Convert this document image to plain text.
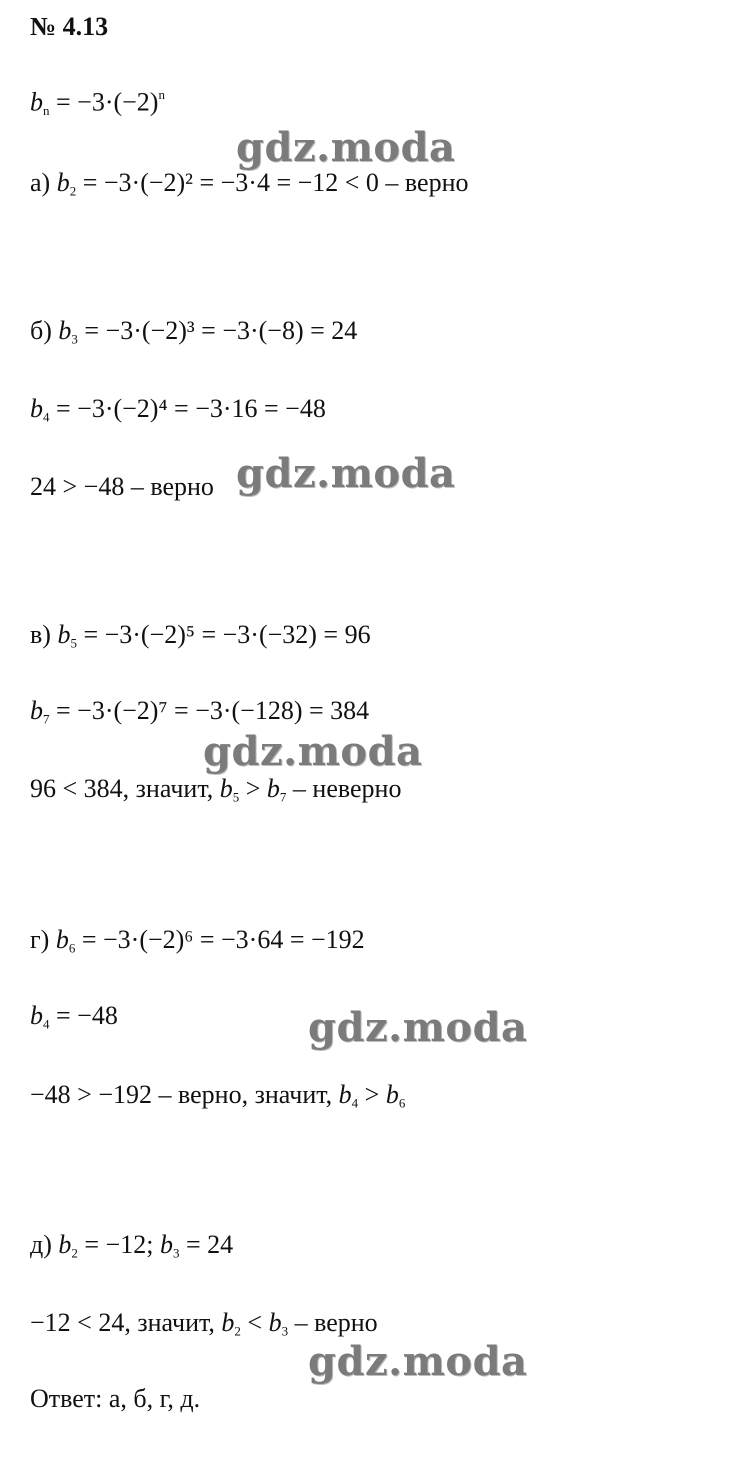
№ 4.13
$b_n = -3\cdot(-2)^n$
gdz.moda
а) $b_2 = -3\cdot(-2)^2 = -3\cdot 4 = -12 < 0$ – верно
б) $b_3 = -3\cdot(-2)^3 = -3\cdot(-8) = 24$
$b_4 = -3\cdot(-2)^4 = -3\cdot 16 = -48$
24 > −48 – верно gdz.moda
в) $b_5 = -3\cdot(-2)^5 = -3\cdot(-32) = 96$
$b_7 = -3\cdot(-2)^7 = -3\cdot(-128) = 384$
gdz.moda
96 < 384, значит, $b_5 > b_7$ – неверно
г) $b_6 = -3\cdot(-2)^6 = -3\cdot 64 = -192$
$b_4 = -48$	gdz.moda
−48 > −192 – верно, значит, $b_4 > b_6$
д) $b_2 = -12$; $b_3 = 24$
−12 < 24, значит, $b_2 < b_3$ – верно
gdz.moda
Ответ: а, б, г, д.
